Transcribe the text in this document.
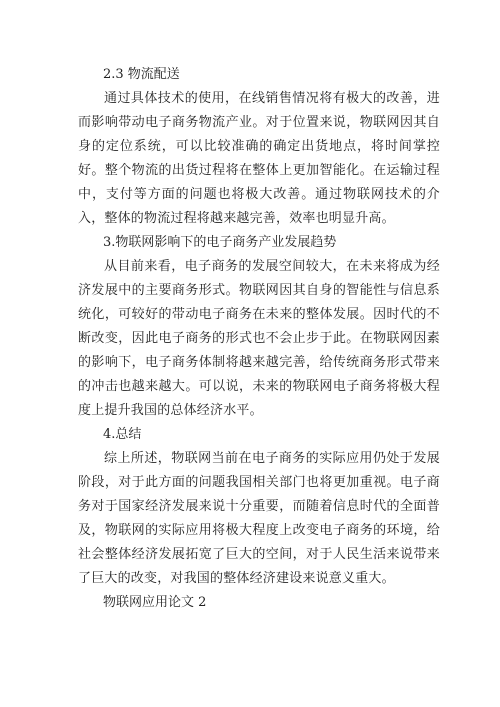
2.3 物流配送

通过具体技术的使用，在线销售情况将有极大的改善，进而影响带动电子商务物流产业。对于位置来说，物联网因其自身的定位系统，可以比较准确的确定出货地点，将时间掌控好。整个物流的出货过程将在整体上更加智能化。在运输过程中，支付等方面的问题也将极大改善。通过物联网技术的介入，整体的物流过程将越来越完善，效率也明显升高。

3.物联网影响下的电子商务产业发展趋势

从目前来看，电子商务的发展空间较大，在未来将成为经济发展中的主要商务形式。物联网因其自身的智能性与信息系统化，可较好的带动电子商务在未来的整体发展。因时代的不断改变，因此电子商务的形式也不会止步于此。在物联网因素的影响下，电子商务体制将越来越完善，给传统商务形式带来的冲击也越来越大。可以说，未来的物联网电子商务将极大程度上提升我国的总体经济水平。

4.总结

综上所述，物联网当前在电子商务的实际应用仍处于发展阶段，对于此方面的问题我国相关部门也将更加重视。电子商务对于国家经济发展来说十分重要，而随着信息时代的全面普及，物联网的实际应用将极大程度上改变电子商务的环境，给社会整体经济发展拓宽了巨大的空间，对于人民生活来说带来了巨大的改变，对我国的整体经济建设来说意义重大。

物联网应用论文 2
